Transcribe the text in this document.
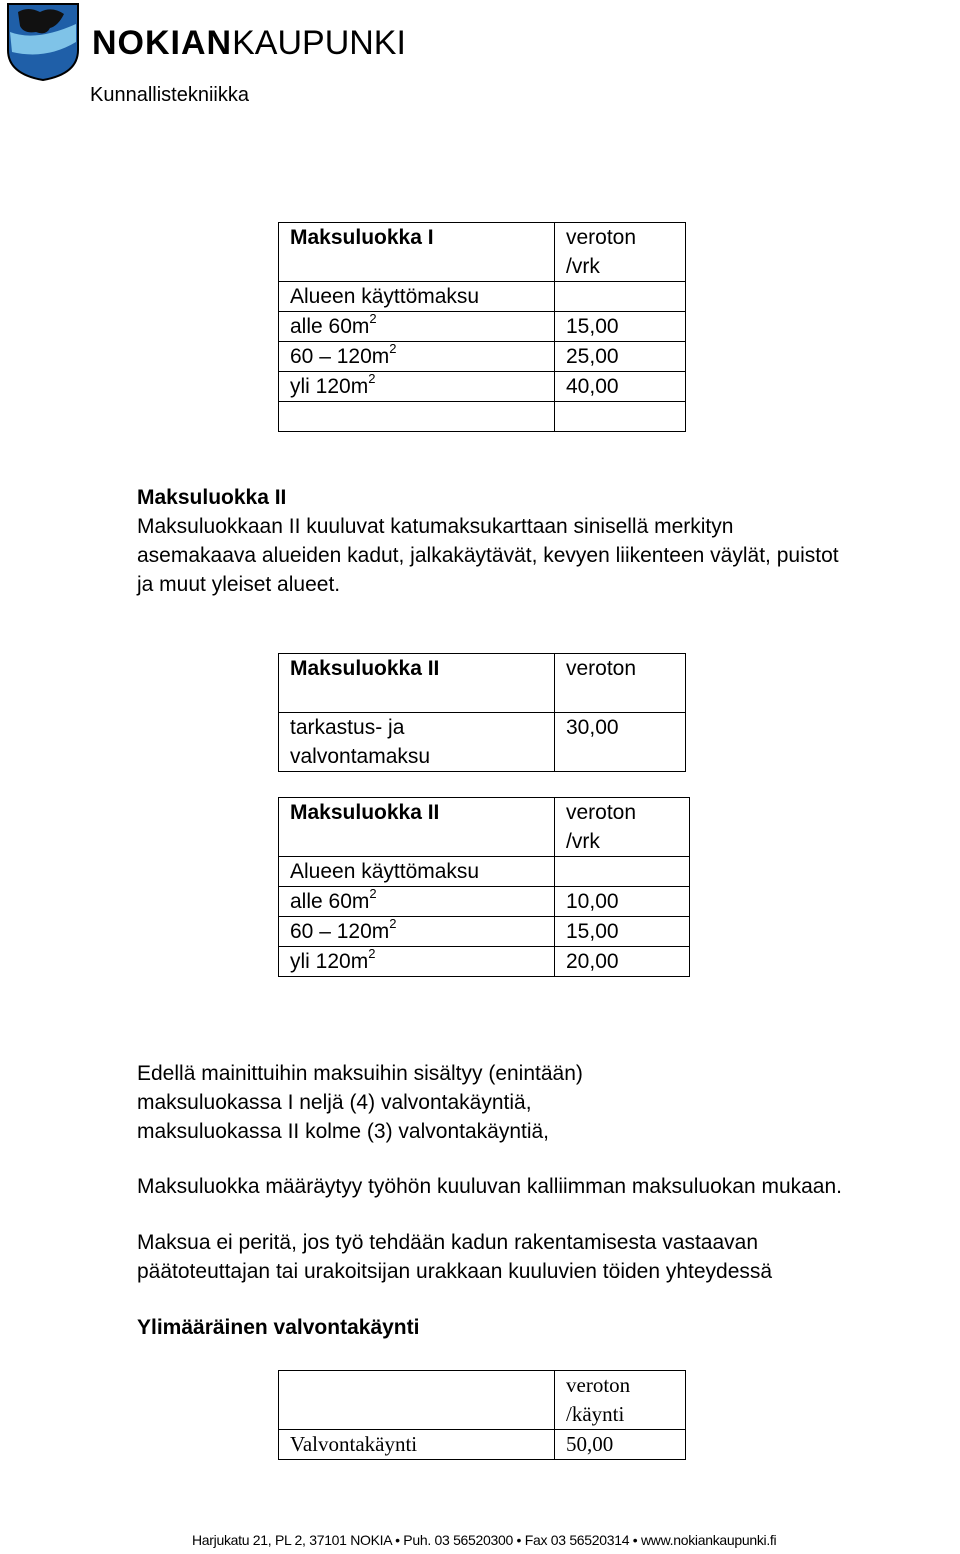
NOKIANKAUPUNKI
Kunnallistekniikka
Maksuluokka I	veroton
/vrk
Alueen käyttömaksu	
alle $60m^2$	15,00
$60 - 120m^2$	25,00
yli $120m^2$	40,00

Maksuluokka II

Maksuluokkaan II kuuluvat katumaksukarttaan sinisellä merkityn

asemakaava alueiden kadut, jalkakäytävät, kevyen liikenteen väylät, puistot

ja muut yleiset alueet.

Maksuluokka II	veroton

tarkastus- ja
valvontamaksu	30,00
Maksuluokka II	veroton
/vrk
Alueen käyttömaksu	
alle $60m^2$	10,00
$60 - 120m^2$	15,00
yli $120m^2$	20,00

Edellä mainittuihin maksuihin sisältyy (enintään)

maksuluokassa I neljä (4) valvontakäyntiä,

maksuluokassa II kolme (3) valvontakäyntiä,

Maksuluokka määräytyy työhön kuuluvan kalliimman maksuluokan mukaan.

Maksua ei peritä, jos työ tehdään kadun rakentamisesta vastaavan

päätoteuttajan tai urakoitsijan urakkaan kuuluvien töiden yhteydessä

Ylimääräinen valvontakäynti
	veroton
/käynti
Valvontakäynti	50,00
Harjukatu 21, PL 2, 37101 NOKIA • Puh. 03 56520300 • Fax 03 56520314 • www.nokiankaupunki.fi
